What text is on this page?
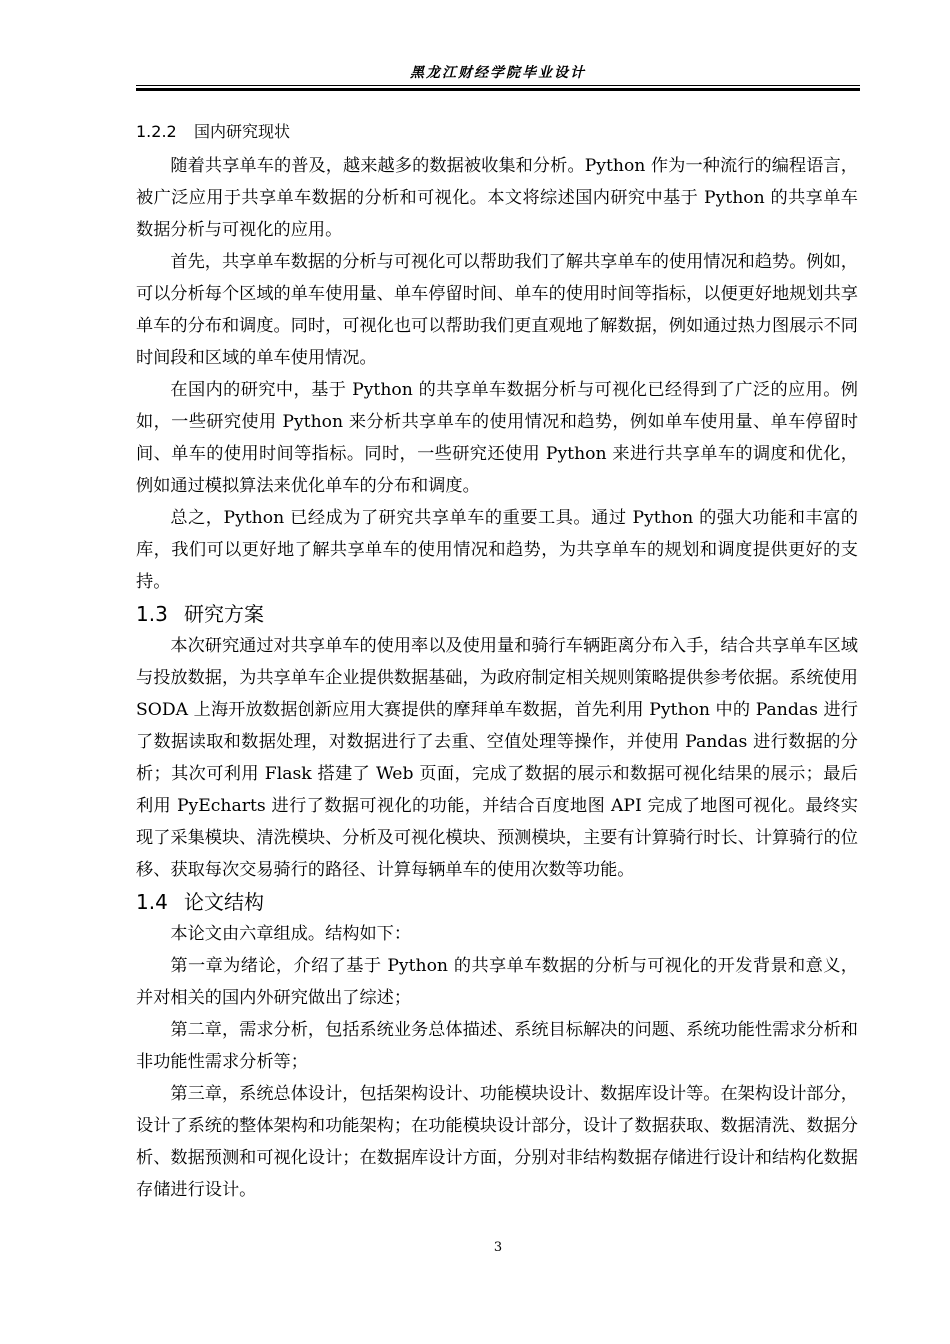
黑龙江财经学院毕业设计
1.2.2 国内研究现状

随着共享单车的普及，越来越多的数据被收集和分析。Python 作为一种流行的编程语言，被广泛应用于共享单车数据的分析和可视化。本文将综述国内研究中基于 Python 的共享单车数据分析与可视化的应用。

首先，共享单车数据的分析与可视化可以帮助我们了解共享单车的使用情况和趋势。例如，可以分析每个区域的单车使用量、单车停留时间、单车的使用时间等指标，以便更好地规划共享单车的分布和调度。同时，可视化也可以帮助我们更直观地了解数据，例如通过热力图展示不同时间段和区域的单车使用情况。

在国内的研究中，基于 Python 的共享单车数据分析与可视化已经得到了广泛的应用。例如，一些研究使用 Python 来分析共享单车的使用情况和趋势，例如单车使用量、单车停留时间、单车的使用时间等指标。同时，一些研究还使用 Python 来进行共享单车的调度和优化，例如通过模拟算法来优化单车的分布和调度。

总之，Python 已经成为了研究共享单车的重要工具。通过 Python 的强大功能和丰富的库，我们可以更好地了解共享单车的使用情况和趋势，为共享单车的规划和调度提供更好的支持。

1.3 研究方案

本次研究通过对共享单车的使用率以及使用量和骑行车辆距离分布入手，结合共享单车区域与投放数据，为共享单车企业提供数据基础，为政府制定相关规则策略提供参考依据。系统使用 SODA 上海开放数据创新应用大赛提供的摩拜单车数据，首先利用 Python 中的 Pandas 进行了数据读取和数据处理，对数据进行了去重、空值处理等操作，并使用 Pandas 进行数据的分析；其次可利用 Flask 搭建了 Web 页面，完成了数据的展示和数据可视化结果的展示；最后利用 PyEcharts 进行了数据可视化的功能，并结合百度地图 API 完成了地图可视化。最终实现了采集模块、清洗模块、分析及可视化模块、预测模块，主要有计算骑行时长、计算骑行的位移、获取每次交易骑行的路径、计算每辆单车的使用次数等功能。

1.4 论文结构

本论文由六章组成。结构如下：

第一章为绪论，介绍了基于 Python 的共享单车数据的分析与可视化的开发背景和意义，并对相关的国内外研究做出了综述；

第二章，需求分析，包括系统业务总体描述、系统目标解决的问题、系统功能性需求分析和非功能性需求分析等；

第三章，系统总体设计，包括架构设计、功能模块设计、数据库设计等。在架构设计部分，设计了系统的整体架构和功能架构；在功能模块设计部分，设计了数据获取、数据清洗、数据分析、数据预测和可视化设计；在数据库设计方面，分别对非结构数据存储进行设计和结构化数据存储进行设计。

3
